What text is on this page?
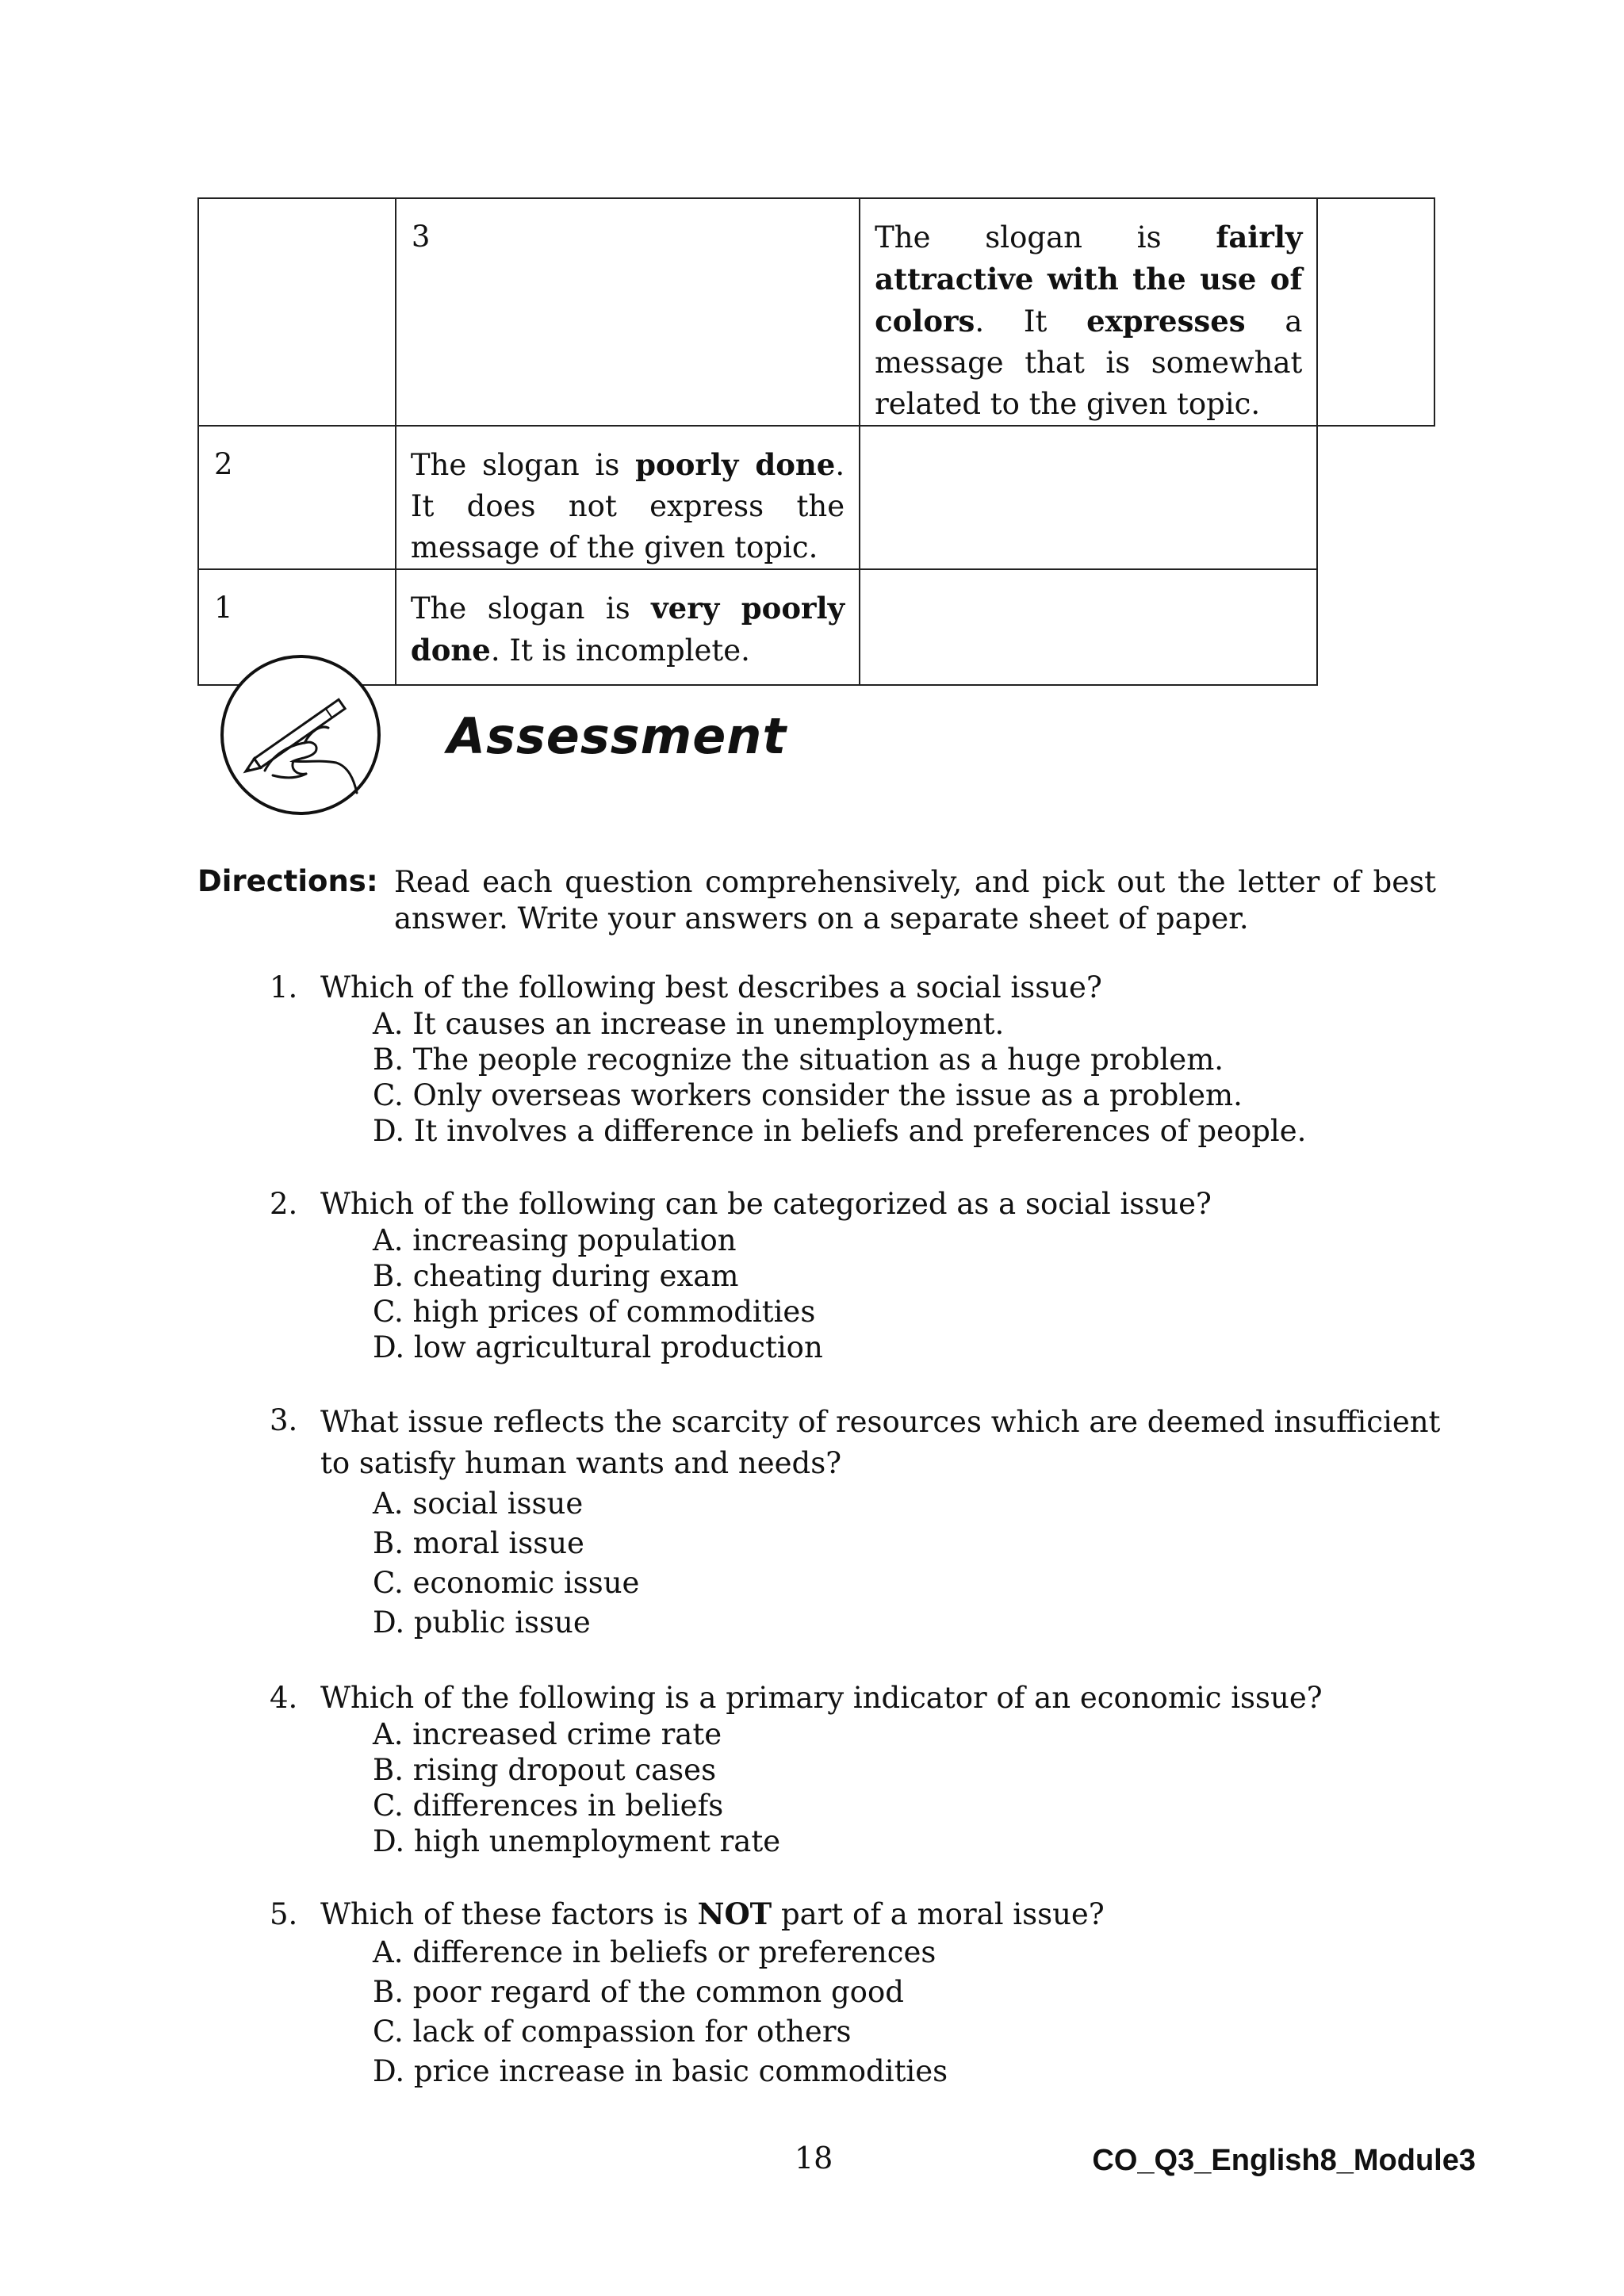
	3	The slogan is fairly attractive with the use of colors. It expresses a message that is somewhat related to the given topic.	
2	The slogan is poorly done. It does not express the message of the given topic.		
1	The slogan is very poorly done. It is incomplete.		
Assessment
Directions: Read each question comprehensively, and pick out the letter of best answer. Write your answers on a separate sheet of paper.
1. Which of the following best describes a social issue?
A. It causes an increase in unemployment.
B. The people recognize the situation as a huge problem.
C. Only overseas workers consider the issue as a problem.
D. It involves a difference in beliefs and preferences of people.
2. Which of the following can be categorized as a social issue?
A. increasing population
B. cheating during exam
C. high prices of commodities
D. low agricultural production
3. What issue reflects the scarcity of resources which are deemed insufficient to satisfy human wants and needs?
A. social issue
B. moral issue
C. economic issue
D. public issue
4. Which of the following is a primary indicator of an economic issue?
A. increased crime rate
B. rising dropout cases
C. differences in beliefs
D. high unemployment rate
5. Which of these factors is NOT part of a moral issue?
A. difference in beliefs or preferences
B. poor regard of the common good
C. lack of compassion for others
D. price increase in basic commodities
18	CO_Q3_English8_Module3
